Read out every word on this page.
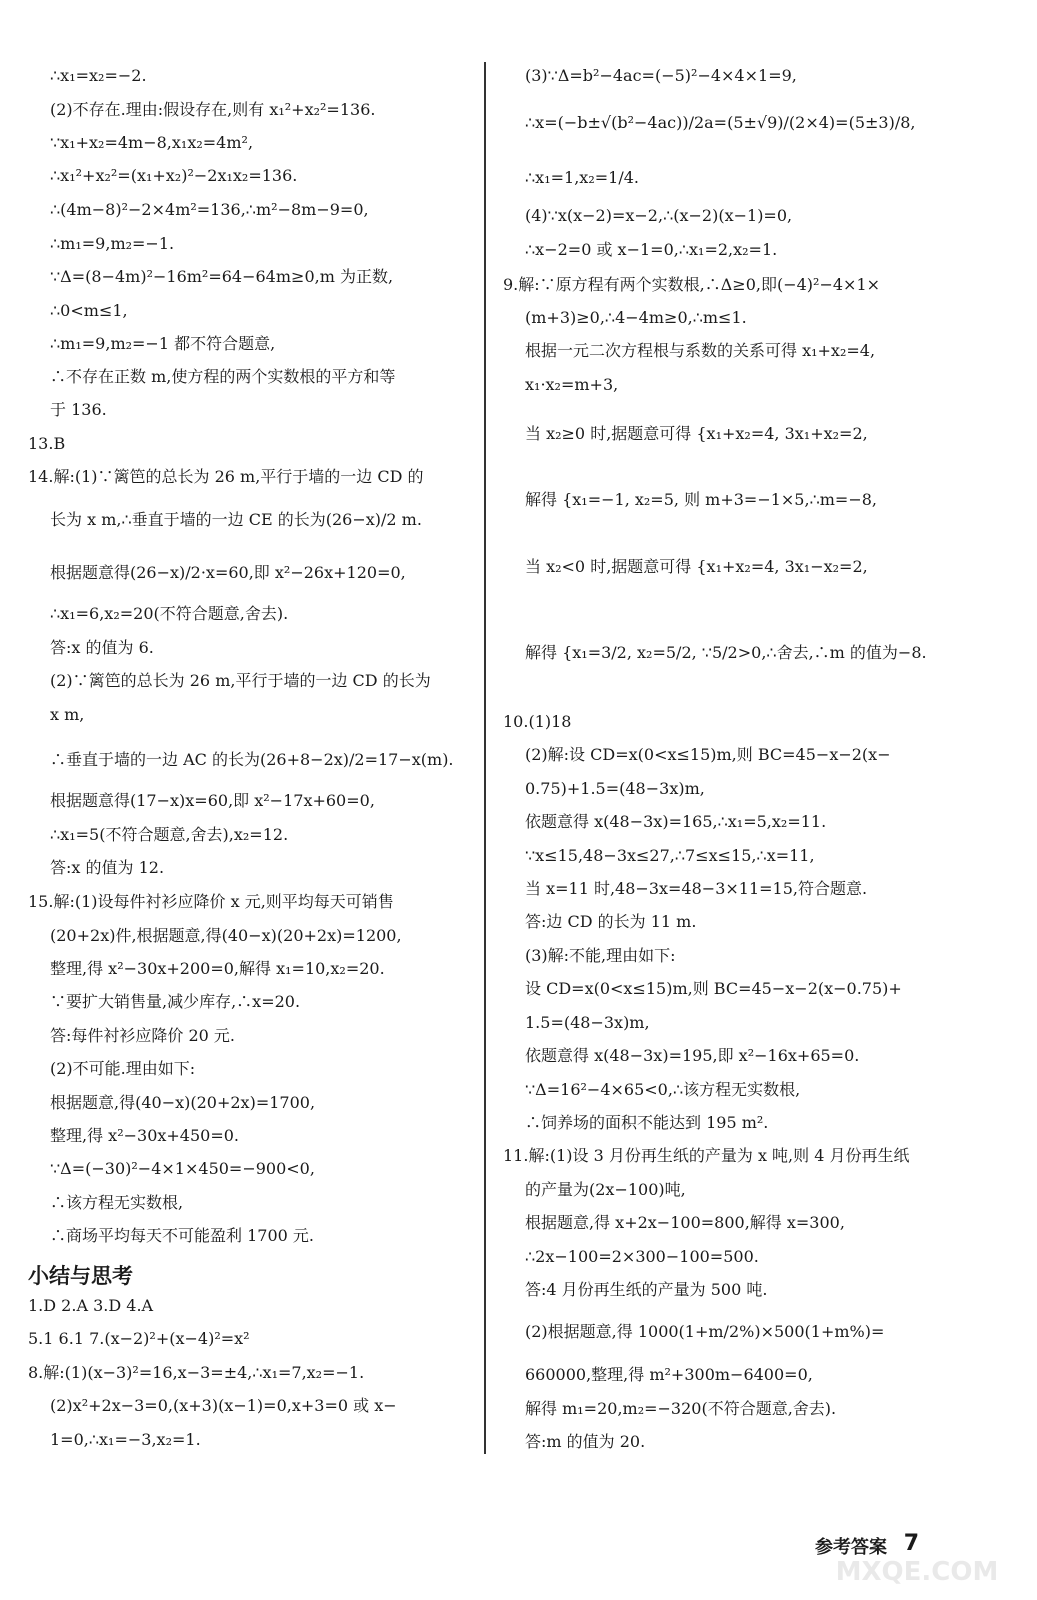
∴x₁=x₂=−2.
(2)不存在.理由:假设存在,则有 x₁²+x₂²=136.
∵x₁+x₂=4m−8,x₁x₂=4m²,
∴x₁²+x₂²=(x₁+x₂)²−2x₁x₂=136.
∴(4m−8)²−2×4m²=136,∴m²−8m−9=0,
∴m₁=9,m₂=−1.
∵Δ=(8−4m)²−16m²=64−64m≥0,m 为正数,
∴0<m≤1,
∴m₁=9,m₂=−1 都不符合题意,
∴不存在正数 m,使方程的两个实数根的平方和等
于 136.
13.B
14.解:(1)∵篱笆的总长为 26 m,平行于墙的一边 CD 的
长为 x m,∴垂直于墙的一边 CE 的长为(26−x)/2 m.
根据题意得(26−x)/2·x=60,即 x²−26x+120=0,
∴x₁=6,x₂=20(不符合题意,舍去).
答:x 的值为 6.
(2)∵篱笆的总长为 26 m,平行于墙的一边 CD 的长为
x m,
∴垂直于墙的一边 AC 的长为(26+8−2x)/2=17−x(m).
根据题意得(17−x)x=60,即 x²−17x+60=0,
∴x₁=5(不符合题意,舍去),x₂=12.
答:x 的值为 12.
15.解:(1)设每件衬衫应降价 x 元,则平均每天可销售
(20+2x)件,根据题意,得(40−x)(20+2x)=1200,
整理,得 x²−30x+200=0,解得 x₁=10,x₂=20.
∵要扩大销售量,减少库存,∴x=20.
答:每件衬衫应降价 20 元.
(2)不可能.理由如下:
根据题意,得(40−x)(20+2x)=1700,
整理,得 x²−30x+450=0.
∵Δ=(−30)²−4×1×450=−900<0,
∴该方程无实数根,
∴商场平均每天不可能盈利 1700 元.
1.D 2.A 3.D 4.A
5.1 6.1 7.(x−2)²+(x−4)²=x²
8.解:(1)(x−3)²=16,x−3=±4,∴x₁=7,x₂=−1.
(2)x²+2x−3=0,(x+3)(x−1)=0,x+3=0 或 x−
1=0,∴x₁=−3,x₂=1.
小结与思考
(3)∵Δ=b²−4ac=(−5)²−4×4×1=9,
∴x=(−b±√(b²−4ac))/2a=(5±√9)/(2×4)=(5±3)/8,
∴x₁=1,x₂=1/4.
(4)∵x(x−2)=x−2,∴(x−2)(x−1)=0,
∴x−2=0 或 x−1=0,∴x₁=2,x₂=1.
9.解:∵原方程有两个实数根,∴Δ≥0,即(−4)²−4×1×
(m+3)≥0,∴4−4m≥0,∴m≤1.
根据一元二次方程根与系数的关系可得 x₁+x₂=4,
x₁·x₂=m+3,
当 x₂≥0 时,据题意可得 {x₁+x₂=4, 3x₁+x₂=2,
解得 {x₁=−1, x₂=5, 则 m+3=−1×5,∴m=−8,
当 x₂<0 时,据题意可得 {x₁+x₂=4, 3x₁−x₂=2,
解得 {x₁=3/2, x₂=5/2, ∵5/2>0,∴舍去,∴m 的值为−8.
10.(1)18
(2)解:设 CD=x(0<x≤15)m,则 BC=45−x−2(x−
0.75)+1.5=(48−3x)m,
依题意得 x(48−3x)=165,∴x₁=5,x₂=11.
∵x≤15,48−3x≤27,∴7≤x≤15,∴x=11,
当 x=11 时,48−3x=48−3×11=15,符合题意.
答:边 CD 的长为 11 m.
(3)解:不能,理由如下:
设 CD=x(0<x≤15)m,则 BC=45−x−2(x−0.75)+
1.5=(48−3x)m,
依题意得 x(48−3x)=195,即 x²−16x+65=0.
∵Δ=16²−4×65<0,∴该方程无实数根,
∴饲养场的面积不能达到 195 m².
11.解:(1)设 3 月份再生纸的产量为 x 吨,则 4 月份再生纸
的产量为(2x−100)吨,
根据题意,得 x+2x−100=800,解得 x=300,
∴2x−100=2×300−100=500.
答:4 月份再生纸的产量为 500 吨.
(2)根据题意,得 1000(1+m/2%)×500(1+m%)=
660000,整理,得 m²+300m−6400=0,
解得 m₁=20,m₂=−320(不符合题意,舍去).
答:m 的值为 20.
参考答案 7
MXQE.COM
